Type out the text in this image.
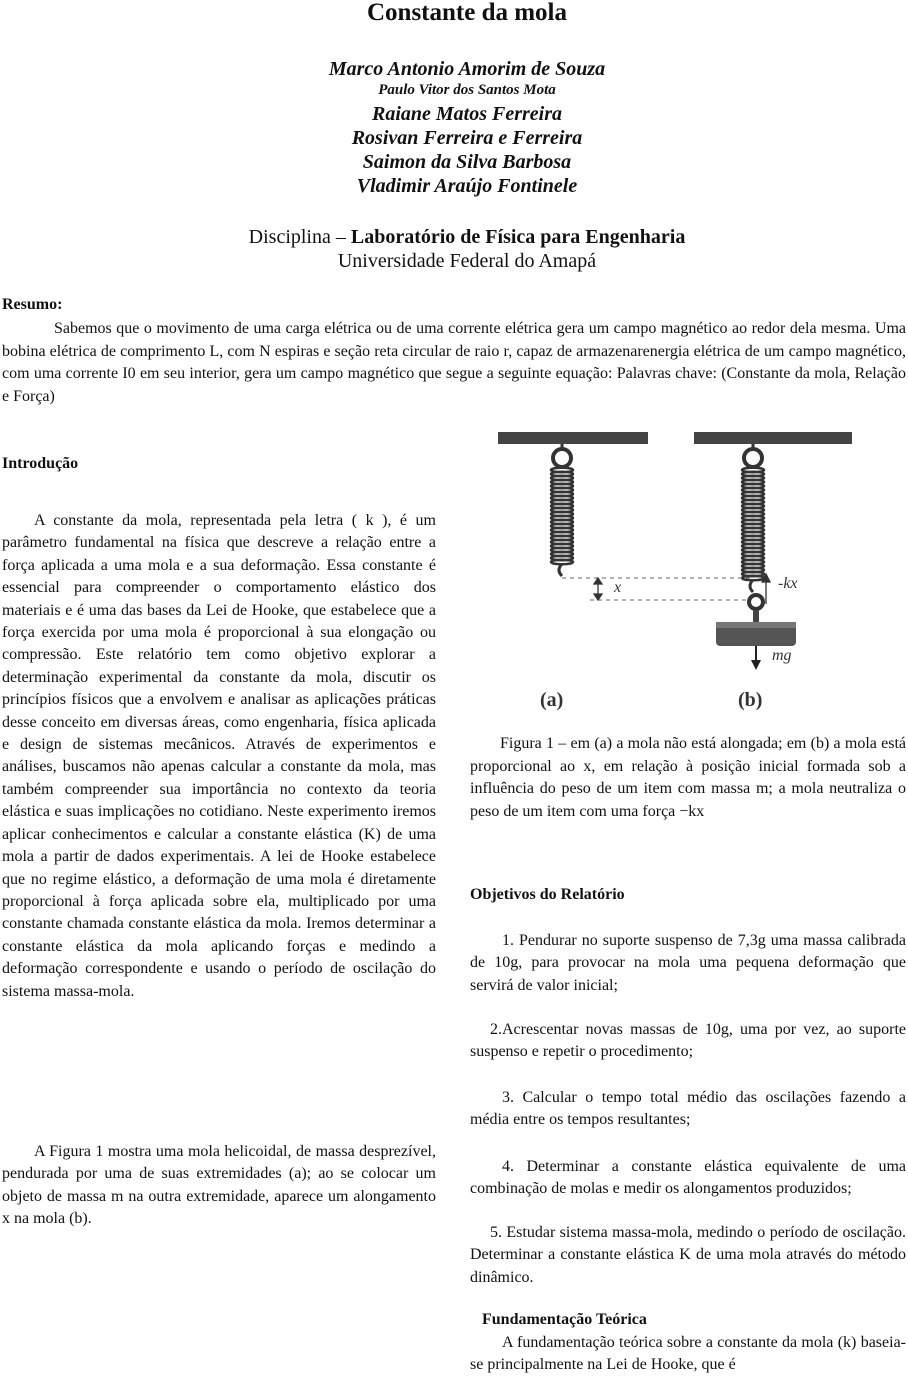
Constante da mola
Marco Antonio Amorim de Souza
Paulo Vitor dos Santos Mota
Raiane Matos Ferreira
Rosivan Ferreira e Ferreira
Saimon da Silva Barbosa
Vladimir Araújo Fontinele
Disciplina – Laboratório de Física para Engenharia
Universidade Federal do Amapá
Resumo:
Sabemos que o movimento de uma carga elétrica ou de uma corrente elétrica gera um campo magnético ao redor dela mesma. Uma bobina elétrica de comprimento L, com N espiras e seção reta circular de raio r, capaz de armazenarenergia elétrica de um campo magnético, com uma corrente I0 em seu interior, gera um campo magnético que segue a seguinte equação: Palavras chave: (Constante da mola, Relação e Força)
Introdução
A constante da mola, representada pela letra ( k ), é um parâmetro fundamental na física que descreve a relação entre a força aplicada a uma mola e a sua deformação. Essa constante é essencial para compreender o comportamento elástico dos materiais e é uma das bases da Lei de Hooke, que estabelece que a força exercida por uma mola é proporcional à sua elongação ou compressão. Este relatório tem como objetivo explorar a determinação experimental da constante da mola, discutir os princípios físicos que a envolvem e analisar as aplicações práticas desse conceito em diversas áreas, como engenharia, física aplicada e design de sistemas mecânicos. Através de experimentos e análises, buscamos não apenas calcular a constante da mola, mas também compreender sua importância no contexto da teoria elástica e suas implicações no cotidiano. Neste experimento iremos aplicar conhecimentos e calcular a constante elástica (K) de uma mola a partir de dados experimentais. A lei de Hooke estabelece que no regime elástico, a deformação de uma mola é diretamente proporcional à força aplicada sobre ela, multiplicado por uma constante chamada constante elástica da mola. Iremos determinar a constante elástica da mola aplicando forças e medindo a deformação correspondente e usando o período de oscilação do sistema massa-mola.
A Figura 1 mostra uma mola helicoidal, de massa desprezível, pendurada por uma de suas extremidades (a); ao se colocar um objeto de massa m na outra extremidade, aparece um alongamento x na mola (b).
x	-kx
mg
(a)	(b)
Figura 1 – em (a) a mola não está alongada; em (b) a mola está proporcional ao x, em relação à posição inicial formada sob a influência do peso de um item com massa m; a mola neutraliza o peso de um item com uma força −kx
Objetivos do Relatório
1. Pendurar no suporte suspenso de 7,3g uma massa calibrada de 10g, para provocar na mola uma pequena deformação que servirá de valor inicial;
2.Acrescentar novas massas de 10g, uma por vez, ao suporte suspenso e repetir o procedimento;
3. Calcular o tempo total médio das oscilações fazendo a média entre os tempos resultantes;
4. Determinar a constante elástica equivalente de uma combinação de molas e medir os alongamentos produzidos;
5. Estudar sistema massa-mola, medindo o período de oscilação. Determinar a constante elástica K de uma mola através do método dinâmico.
Fundamentação Teórica
A fundamentação teórica sobre a constante da mola (k) baseia-se principalmente na Lei de Hooke, que é
